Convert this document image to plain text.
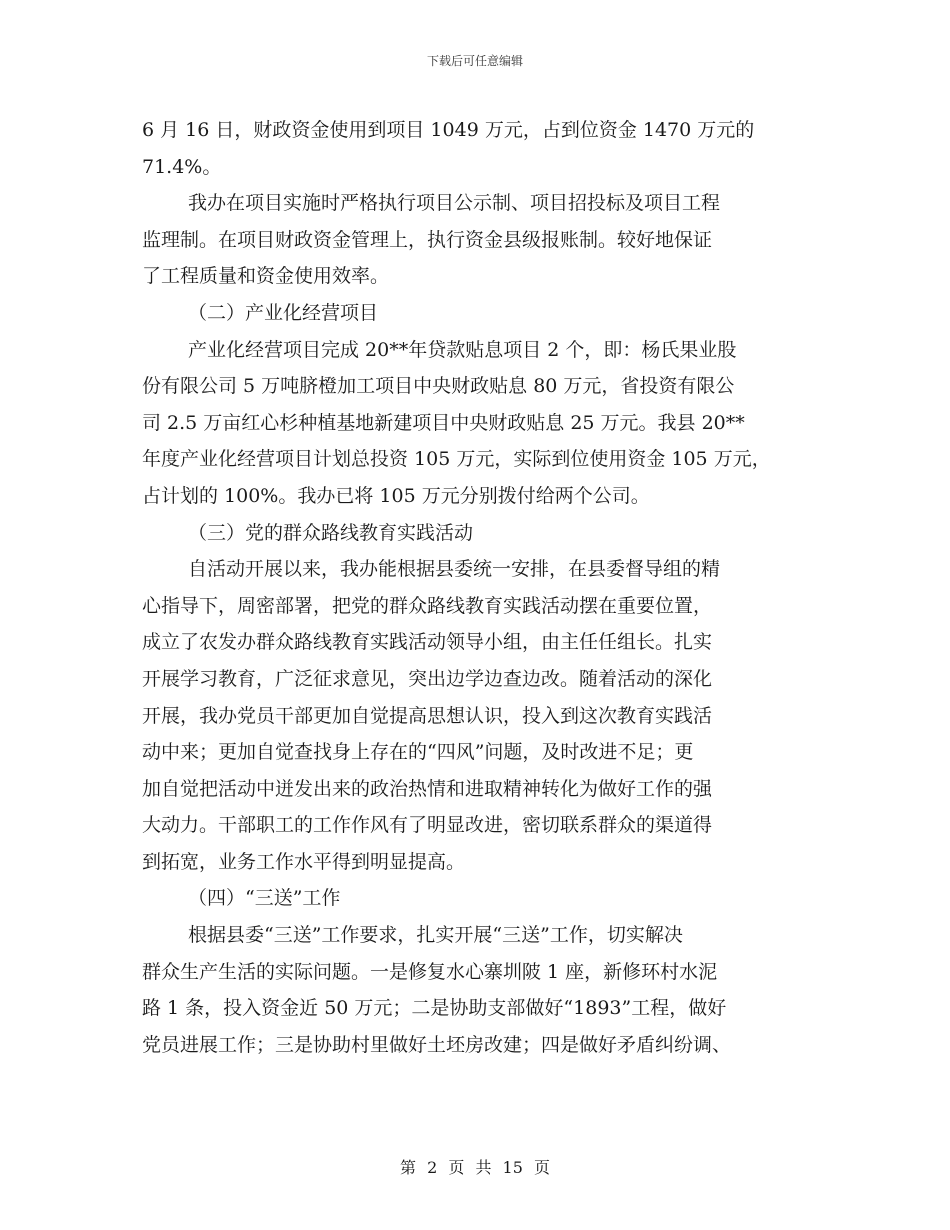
下载后可任意编辑
6 月 16 日，财政资金使用到项目 1049 万元，占到位资金 1470 万元的
71.4%。
我办在项目实施时严格执行项目公示制、项目招投标及项目工程
监理制。在项目财政资金管理上，执行资金县级报账制。较好地保证
了工程质量和资金使用效率。
（二）产业化经营项目
产业化经营项目完成 20**年贷款贴息项目 2 个，即：杨氏果业股
份有限公司 5 万吨脐橙加工项目中央财政贴息 80 万元，省投资有限公
司 2.5 万亩红心杉种植基地新建项目中央财政贴息 25 万元。我县 20**
年度产业化经营项目计划总投资 105 万元，实际到位使用资金 105 万元，
占计划的 100%。我办已将 105 万元分别拨付给两个公司。
（三）党的群众路线教育实践活动
自活动开展以来，我办能根据县委统一安排，在县委督导组的精
心指导下，周密部署，把党的群众路线教育实践活动摆在重要位置，
成立了农发办群众路线教育实践活动领导小组，由主任任组长。扎实
开展学习教育，广泛征求意见，突出边学边查边改。随着活动的深化
开展，我办党员干部更加自觉提高思想认识，投入到这次教育实践活
动中来；更加自觉查找身上存在的“四风”问题，及时改进不足；更
加自觉把活动中迸发出来的政治热情和进取精神转化为做好工作的强
大动力。干部职工的工作作风有了明显改进，密切联系群众的渠道得
到拓宽，业务工作水平得到明显提高。
（四）“三送”工作
根据县委“三送”工作要求，扎实开展“三送”工作，切实解决
群众生产生活的实际问题。一是修复水心寨圳陂 1 座，新修环村水泥
路 1 条，投入资金近 50 万元；二是协助支部做好“1893”工程，做好
党员进展工作；三是协助村里做好土坯房改建；四是做好矛盾纠纷调、
第 2 页 共 15 页
